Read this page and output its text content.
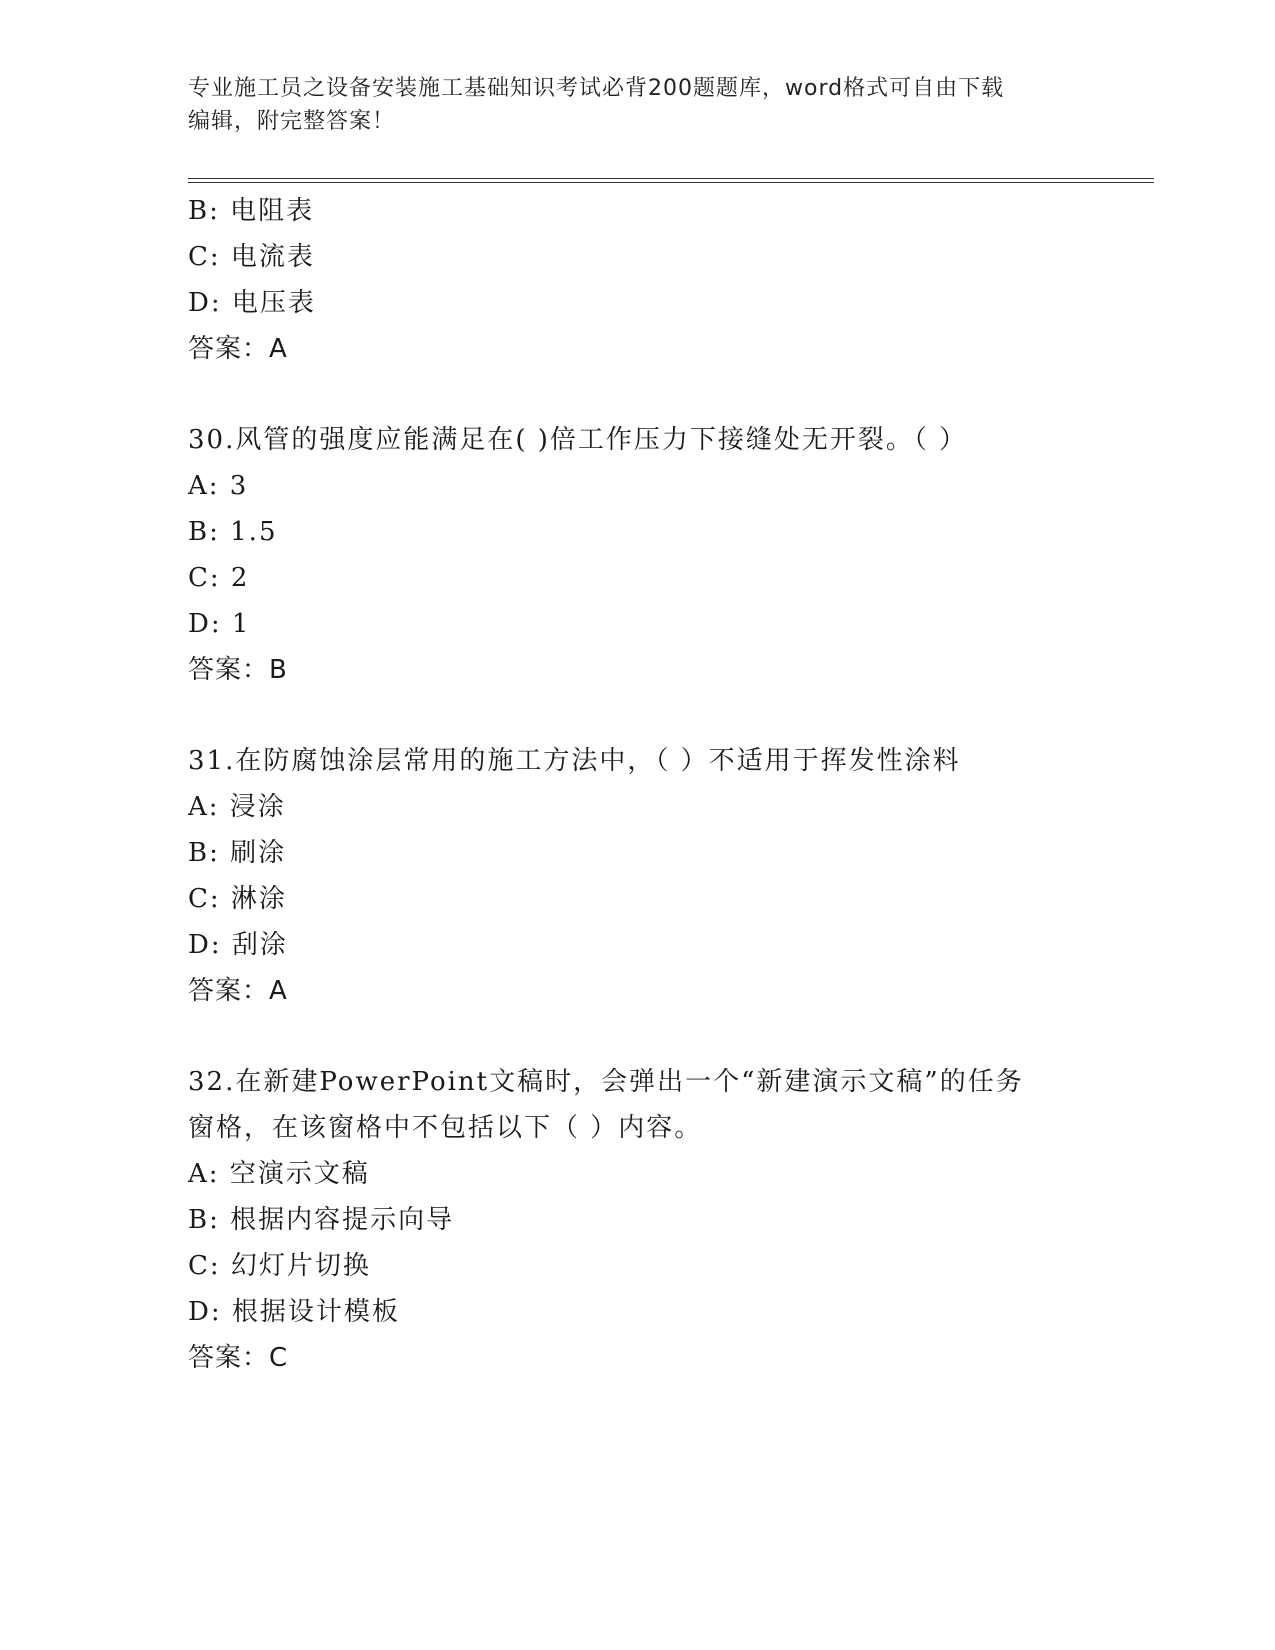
专业施工员之设备安装施工基础知识考试必背200题题库，word格式可自由下载
编辑，附完整答案！
B: 电阻表
C: 电流表
D: 电压表
答案：A
30.风管的强度应能满足在( )倍工作压力下接缝处无开裂。（ ）
A: 3
B: 1.5
C: 2
D: 1
答案：B
31.在防腐蚀涂层常用的施工方法中，（ ）不适用于挥发性涂料
A: 浸涂
B: 刷涂
C: 淋涂
D: 刮涂
答案：A
32.在新建PowerPoint文稿时，会弹出一个“新建演示文稿”的任务
窗格，在该窗格中不包括以下（ ）内容。
A: 空演示文稿
B: 根据内容提示向导
C: 幻灯片切换
D: 根据设计模板
答案：C
